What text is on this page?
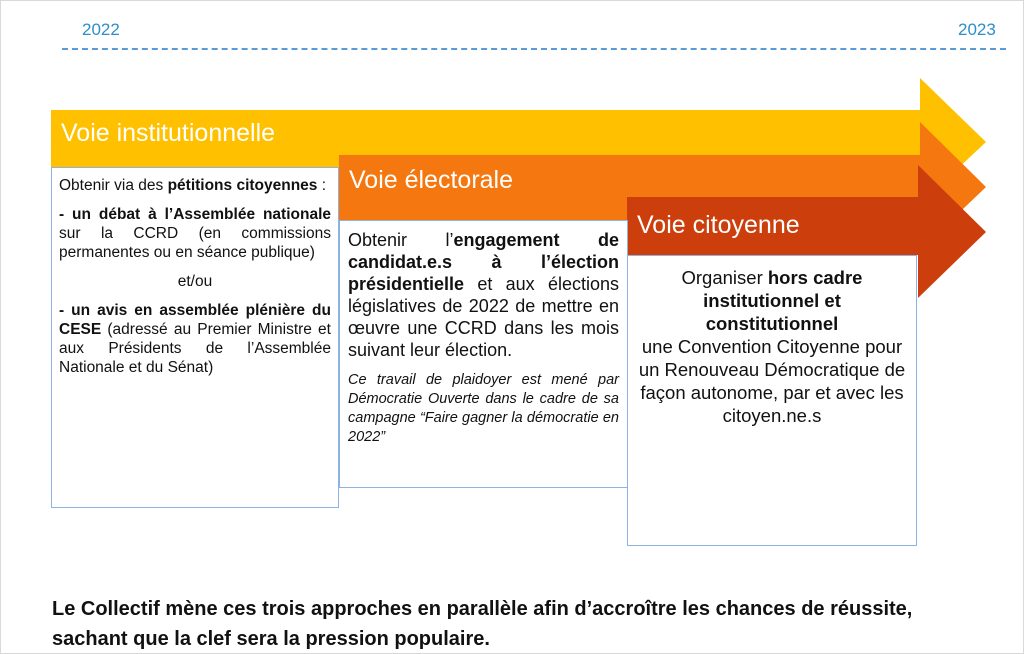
2022	2023
Voie institutionnelle
Voie électorale
Voie citoyenne

Obtenir via des pétitions citoyennes :

- un débat à l’Assemblée nationale sur la CCRD (en commissions permanentes ou en séance publique)

et/ou

- un avis en assemblée plénière du CESE (adressé au Premier Ministre et aux Présidents de l’Assemblée Nationale et du Sénat)

Obtenir l’engagement de candidat.e.s à l’élection présidentielle et aux élections législatives de 2022 de mettre en œuvre une CCRD dans les mois suivant leur élection.

Ce travail de plaidoyer est mené par Démocratie Ouverte dans le cadre de sa campagne “Faire gagner la démocratie en 2022”

Organiser hors cadre institutionnel et constitutionnel
une Convention Citoyenne pour un Renouveau Démocratique de façon autonome, par et avec les citoyen.ne.s

Le Collectif mène ces trois approches en parallèle afin d’accroître les chances de réussite, sachant que la clef sera la pression populaire.
